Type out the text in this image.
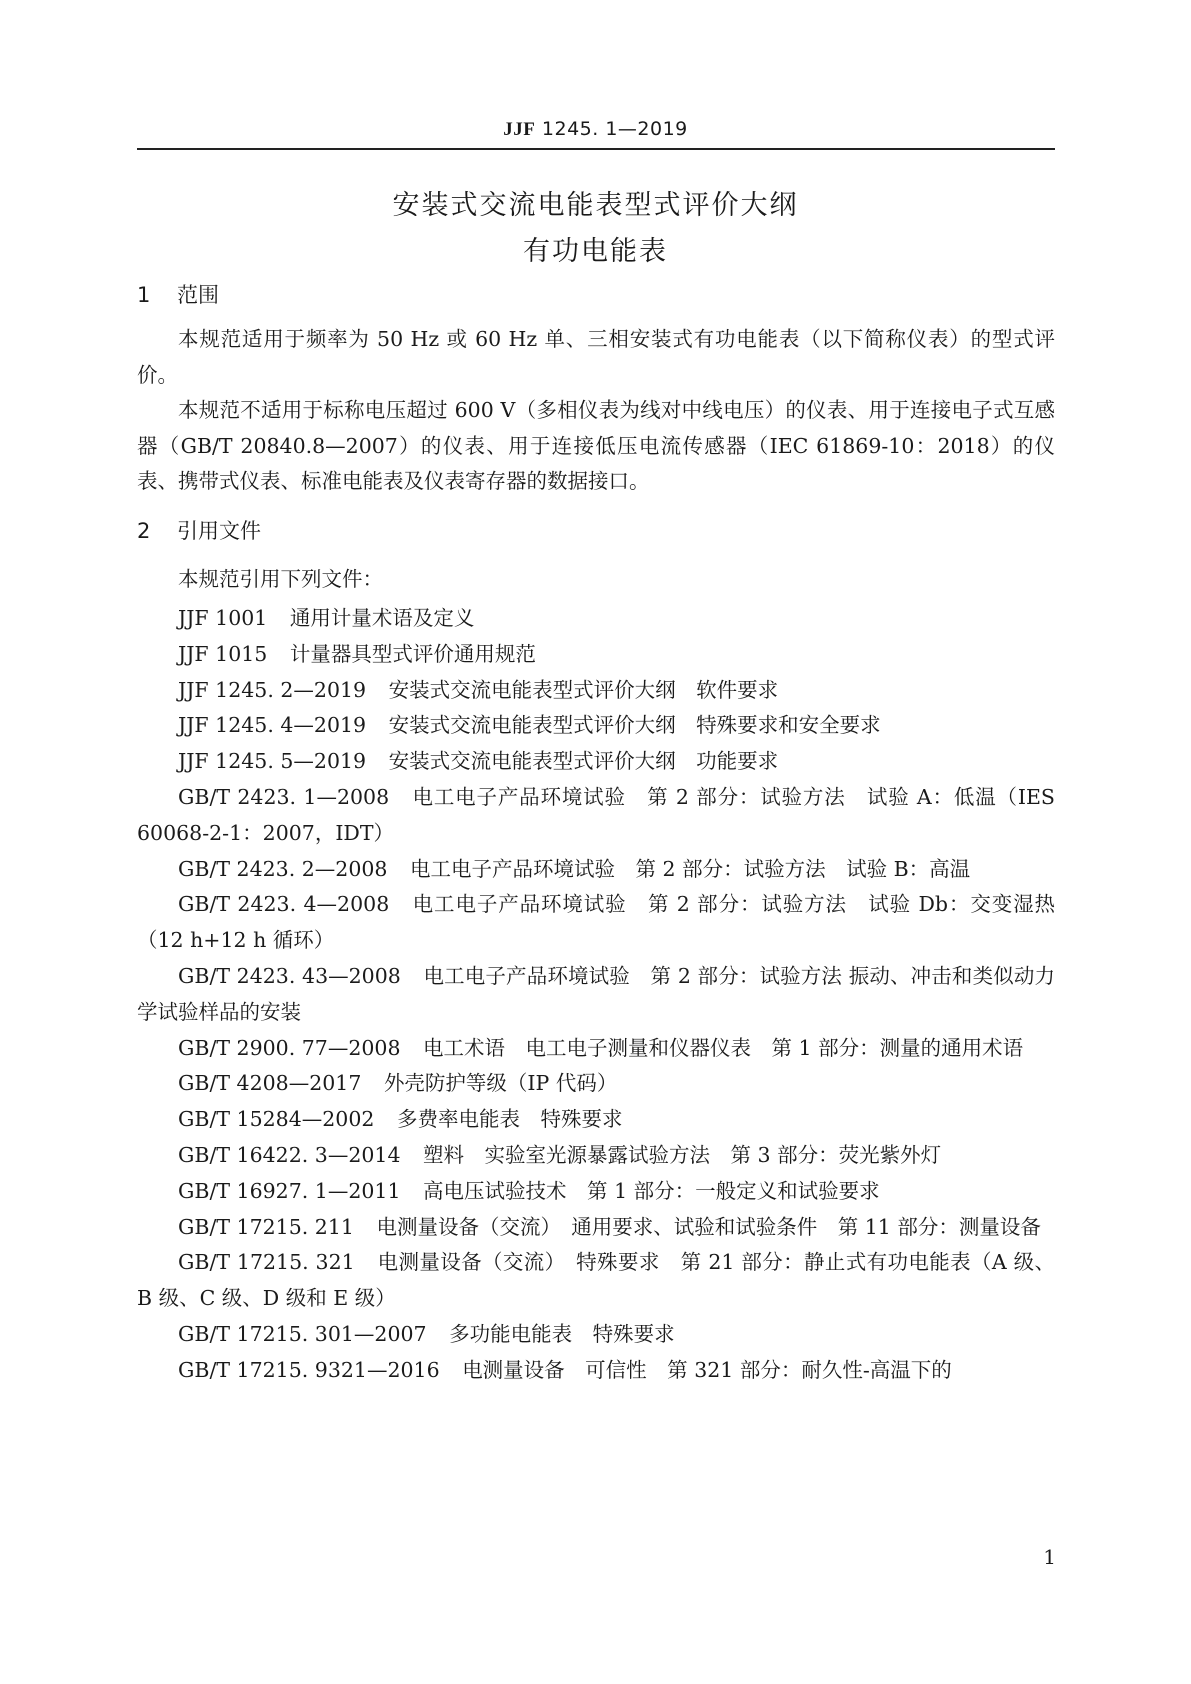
JJF 1245. 1—2019
安装式交流电能表型式评价大纲
有功电能表
1 范围

本规范适用于频率为 50 Hz 或 60 Hz 单、三相安装式有功电能表（以下简称仪表）的型式评价。

本规范不适用于标称电压超过 600 V（多相仪表为线对中线电压）的仪表、用于连接电子式互感器（GB/T 20840.8—2007）的仪表、用于连接低压电流传感器（IEC 61869-10：2018）的仪表、携带式仪表、标准电能表及仪表寄存器的数据接口。

2 引用文件

本规范引用下列文件：

JJF 1001 通用计量术语及定义
JJF 1015 计量器具型式评价通用规范
JJF 1245. 2—2019 安装式交流电能表型式评价大纲　软件要求
JJF 1245. 4—2019 安装式交流电能表型式评价大纲　特殊要求和安全要求
JJF 1245. 5—2019 安装式交流电能表型式评价大纲　功能要求
GB/T 2423. 1—2008 电工电子产品环境试验　第 2 部分：试验方法　试验 A：低温（IES 60068-2-1：2007，IDT）
GB/T 2423. 2—2008 电工电子产品环境试验　第 2 部分：试验方法　试验 B：高温
GB/T 2423. 4—2008 电工电子产品环境试验　第 2 部分：试验方法　试验 Db：交变湿热（12 h+12 h 循环）
GB/T 2423. 43—2008 电工电子产品环境试验　第 2 部分：试验方法 振动、冲击和类似动力学试验样品的安装
GB/T 2900. 77—2008 电工术语　电工电子测量和仪器仪表　第 1 部分：测量的通用术语
GB/T 4208—2017 外壳防护等级（IP 代码）
GB/T 15284—2002 多费率电能表　特殊要求
GB/T 16422. 3—2014 塑料　实验室光源暴露试验方法　第 3 部分：荧光紫外灯
GB/T 16927. 1—2011 高电压试验技术　第 1 部分：一般定义和试验要求
GB/T 17215. 211 电测量设备（交流）　通用要求、试验和试验条件　第 11 部分：测量设备
GB/T 17215. 321 电测量设备（交流）　特殊要求　第 21 部分：静止式有功电能表（A 级、B 级、C 级、D 级和 E 级）
GB/T 17215. 301—2007 多功能电能表　特殊要求
GB/T 17215. 9321—2016 电测量设备　可信性　第 321 部分：耐久性-高温下的
1
